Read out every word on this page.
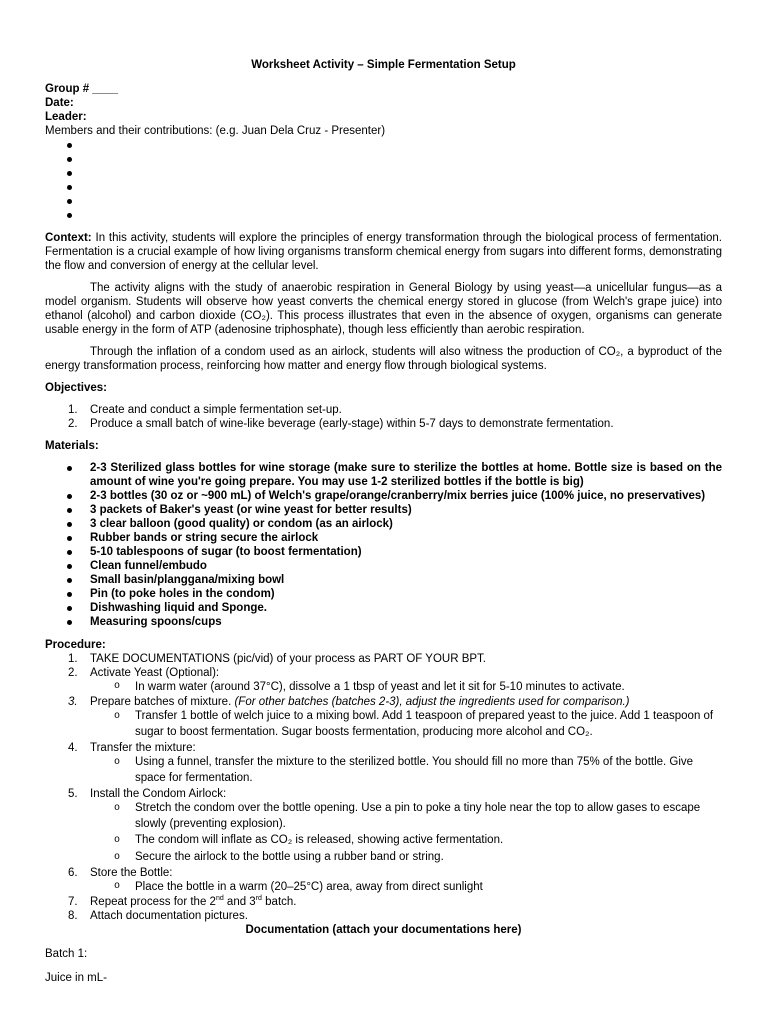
Worksheet Activity – Simple Fermentation Setup
Group # ____
Date:
Leader:
Members and their contributions: (e.g. Juan Dela Cruz - Presenter)

Context: In this activity, students will explore the principles of energy transformation through the biological process of fermentation. Fermentation is a crucial example of how living organisms transform chemical energy from sugars into different forms, demonstrating the flow and conversion of energy at the cellular level.

The activity aligns with the study of anaerobic respiration in General Biology by using yeast—a unicellular fungus—as a model organism. Students will observe how yeast converts the chemical energy stored in glucose (from Welch's grape juice) into ethanol (alcohol) and carbon dioxide (CO₂). This process illustrates that even in the absence of oxygen, organisms can generate usable energy in the form of ATP (adenosine triphosphate), though less efficiently than aerobic respiration.

Through the inflation of a condom used as an airlock, students will also witness the production of CO₂, a byproduct of the energy transformation process, reinforcing how matter and energy flow through biological systems.

Objectives:
1. Create and conduct a simple fermentation set-up.
2. Produce a small batch of wine-like beverage (early-stage) within 5-7 days to demonstrate fermentation.
Materials:
2-3 Sterilized glass bottles for wine storage (make sure to sterilize the bottles at home. Bottle size is based on the amount of wine you're going prepare. You may use 1-2 sterilized bottles if the bottle is big)
2-3 bottles (30 oz or ~900 mL) of Welch's grape/orange/cranberry/mix berries juice (100% juice, no preservatives)
3 packets of Baker's yeast (or wine yeast for better results)
3 clear balloon (good quality) or condom (as an airlock)
Rubber bands or string secure the airlock
5-10 tablespoons of sugar (to boost fermentation)
Clean funnel/embudo
Small basin/planggana/mixing bowl
Pin (to poke holes in the condom)
Dishwashing liquid and Sponge.
Measuring spoons/cups
Procedure:
1. TAKE DOCUMENTATIONS (pic/vid) of your process as PART OF YOUR BPT.
2. Activate Yeast (Optional):
o In warm water (around 37°C), dissolve a 1 tbsp of yeast and let it sit for 5-10 minutes to activate.
3. Prepare batches of mixture. (For other batches (batches 2-3), adjust the ingredients used for comparison.)
o Transfer 1 bottle of welch juice to a mixing bowl. Add 1 teaspoon of prepared yeast to the juice. Add 1 teaspoon of sugar to boost fermentation. Sugar boosts fermentation, producing more alcohol and CO₂.
4. Transfer the mixture:
o Using a funnel, transfer the mixture to the sterilized bottle. You should fill no more than 75% of the bottle. Give space for fermentation.
5. Install the Condom Airlock:
o Stretch the condom over the bottle opening. Use a pin to poke a tiny hole near the top to allow gases to escape slowly (preventing explosion).
o The condom will inflate as CO₂ is released, showing active fermentation.
o Secure the airlock to the bottle using a rubber band or string.
6. Store the Bottle:
o Place the bottle in a warm (20–25°C) area, away from direct sunlight
7. Repeat process for the 2nd and 3rd batch.
8. Attach documentation pictures.
Documentation (attach your documentations here)
Batch 1:
Juice in mL-
